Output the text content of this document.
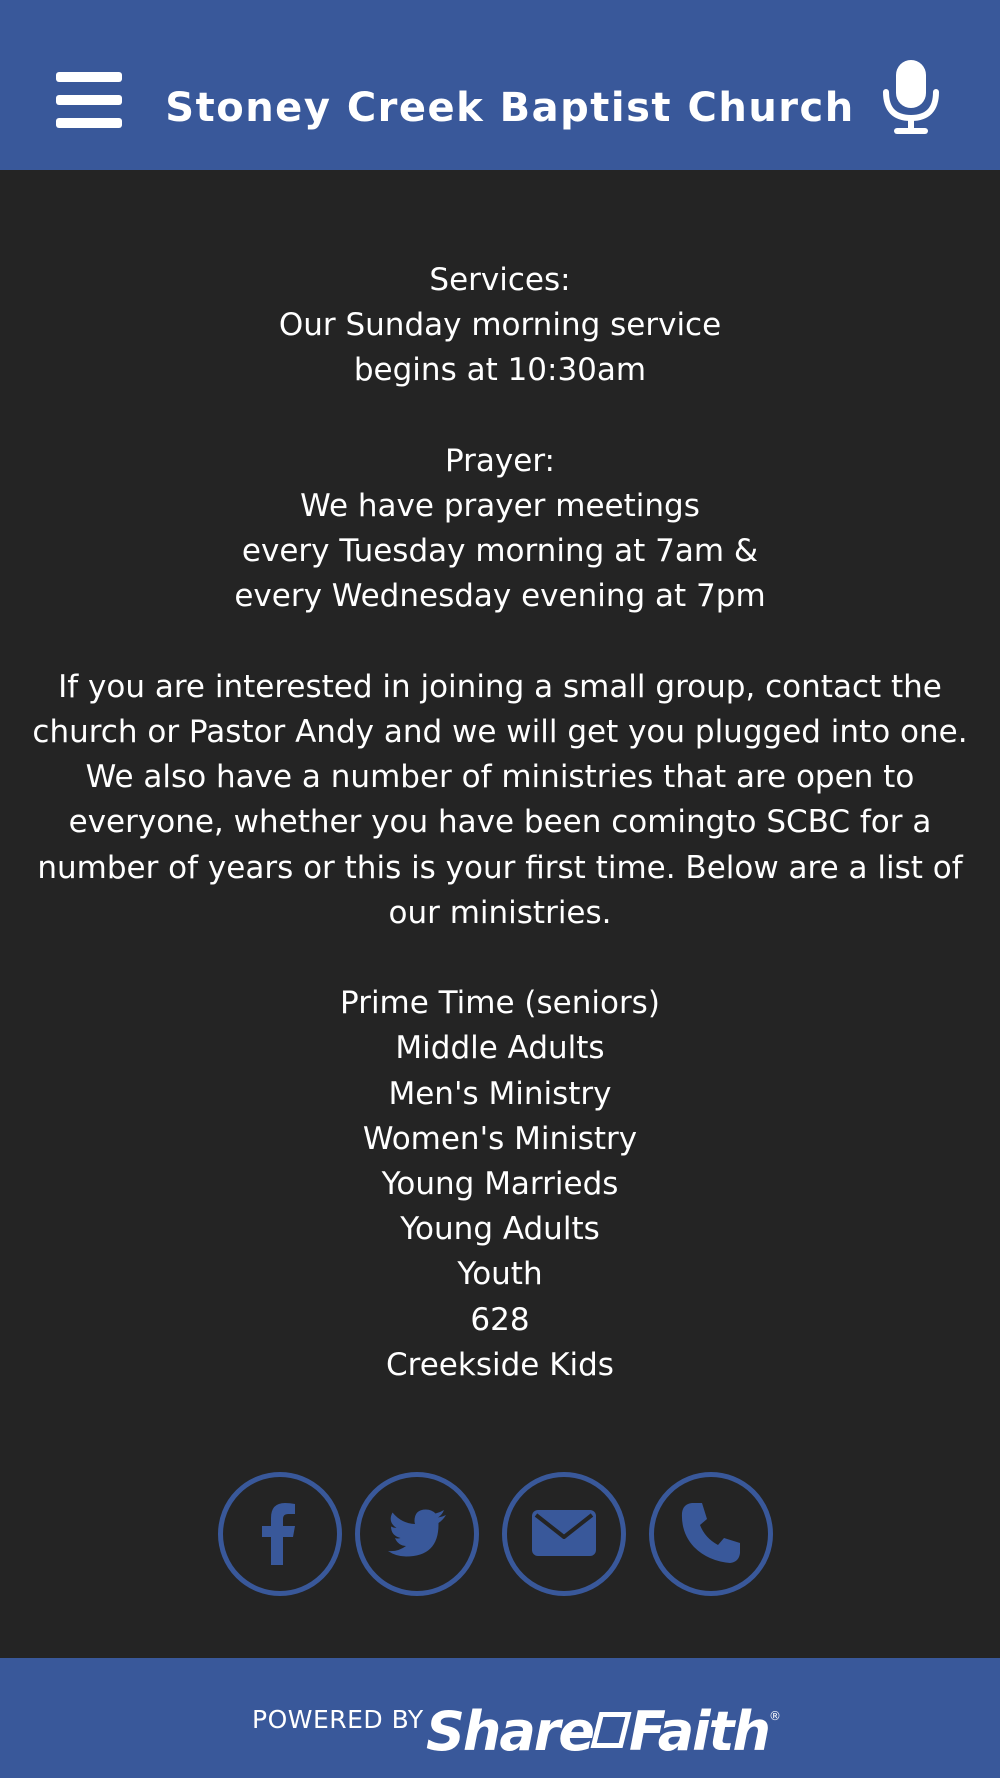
Stoney Creek Baptist Church

Services:

Our Sunday morning service

begins at 10:30am

Prayer:

We have prayer meetings

every Tuesday morning at 7am &

every Wednesday evening at 7pm

If you are interested in joining a small group, contact the church or Pastor Andy and we will get you plugged into one. We also have a number of ministries that are open to everyone, whether you have been comingto SCBC for a number of years or this is your first time. Below are a list of our ministries.

Prime Time (seniors)

Middle Adults

Men's Ministry

Women's Ministry

Young Marrieds

Young Adults

Youth

628

Creekside Kids

POWERED BY Share Faith®
